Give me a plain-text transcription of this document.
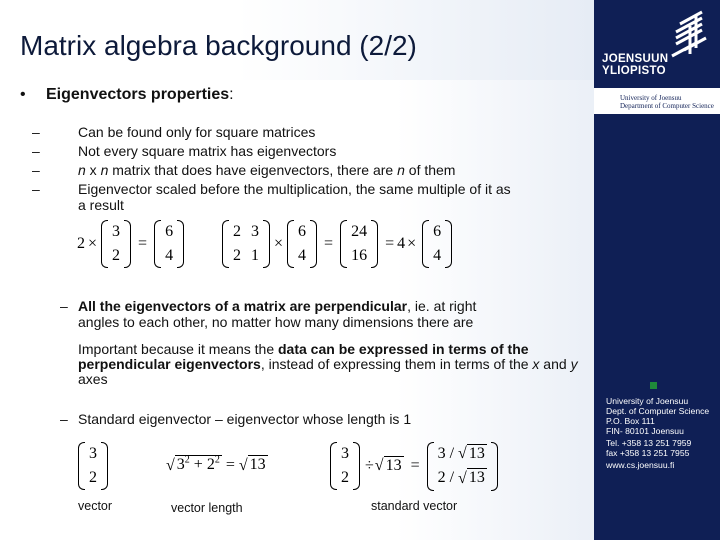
Matrix algebra background (2/2)	JOENSUUN
YLIOPISTO
University of Joensuu
Department of Computer Science
University of Joensuu
Dept. of Computer Science
P.O. Box 111
FIN- 80101 Joensuu
Tel. +358 13 251 7959
fax +358 13 251 7955
www.cs.joensuu.fi
• Eigenvectors properties:
–	Can be found only for square matrices
–	Not every square matrix has eigenvectors
–	n x n matrix that does have eigenvectors, there are n of them
–	Eigenvector scaled before the multiplication, the same multiple of it as
a result
2 ×
3
2
=
6
4
2	3
2	1
×
6
4
=
24
16
= 4 ×
6
4
– All the eigenvectors of a matrix are perpendicular, ie. at right
angles to each other, no matter how many dimensions there are
Important because it means the data can be expressed in terms of the perpendicular eigenvectors, instead of expressing them in terms of the x and y axes
– Standard eigenvector – eigenvector whose length is 1
3
2
√ $3^2 + 2^2$ = √ 13
3
2
÷√ 13 =
3 / √ 13
2 / √ 13
vector	vector length	standard vector
